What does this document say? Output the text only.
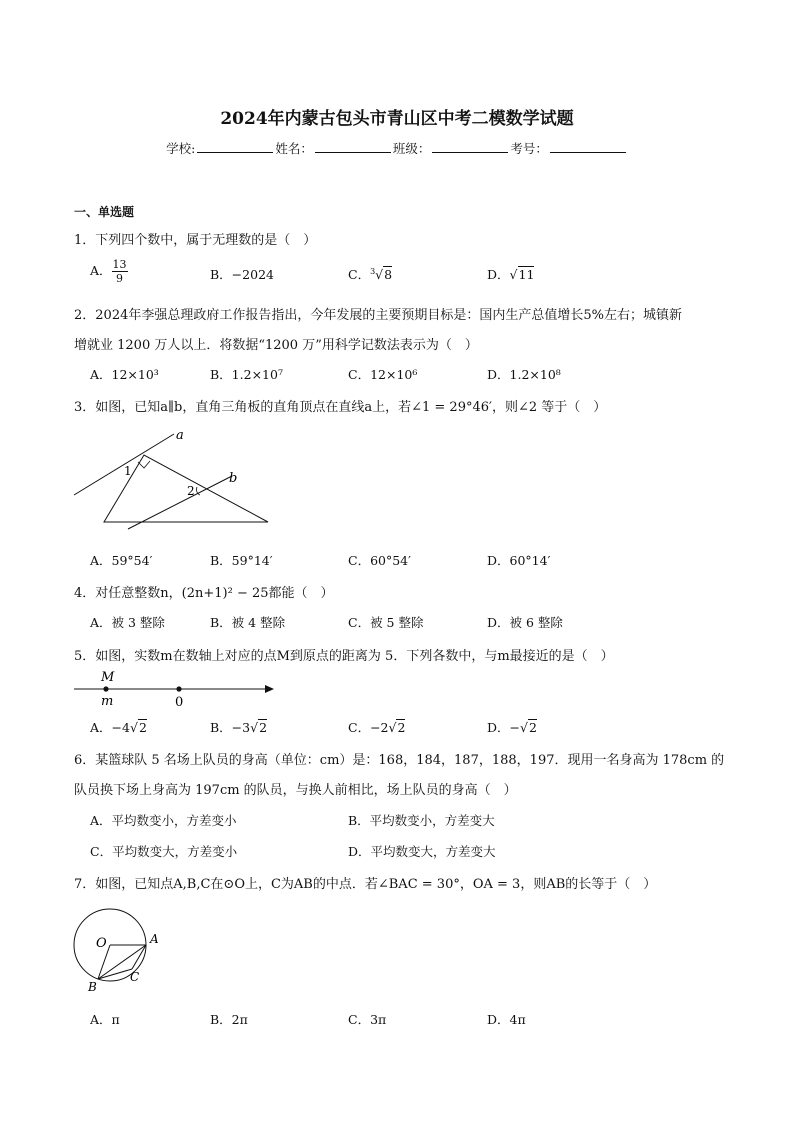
2024年内蒙古包头市青山区中考二模数学试题
学校:	姓名：	班级：	考号：
一、单选题
1．下列四个数中，属于无理数的是（　）
A． $\frac{13}{9}$	B．−2024	C．$^3$√8	D．√11
2．2024年李强总理政府工作报告指出，今年发展的主要预期目标是：国内生产总值增长5%左右；城镇新
增就业 1200 万人以上．将数据“1200 万”用科学记数法表示为（　）
A．12×10³	B．1.2×10⁷	C．12×10⁶	D．1.2×10⁸
3．如图，已知a∥b，直角三角板的直角顶点在直线a上，若∠1 = 29°46′，则∠2 等于（　）
a
b
1
2
A．59°54′	B．59°14′	C．60°54′	D．60°14′
4．对任意整数n，(2n+1)² − 25都能（　）
A．被 3 整除	B．被 4 整除	C．被 5 整除	D．被 6 整除
5．如图，实数m在数轴上对应的点M到原点的距离为 5．下列各数中，与m最接近的是（　）
M
m	0
A．−4√2	B．−3√2	C．−2√2	D．−√2
6．某篮球队 5 名场上队员的身高（单位：cm）是：168，184，187，188，197．现用一名身高为 178cm 的
队员换下场上身高为 197cm 的队员，与换人前相比，场上队员的身高（　）
A．平均数变小，方差变小	B．平均数变小，方差变大
C．平均数变大，方差变小	D．平均数变大，方差变大
7．如图，已知点A,B,C在⊙O上，C为AB的中点．若∠BAC = 30°，OA = 3，则AB的长等于（　）
O	A
B
C
A．π	B．2π	C．3π	D．4π
